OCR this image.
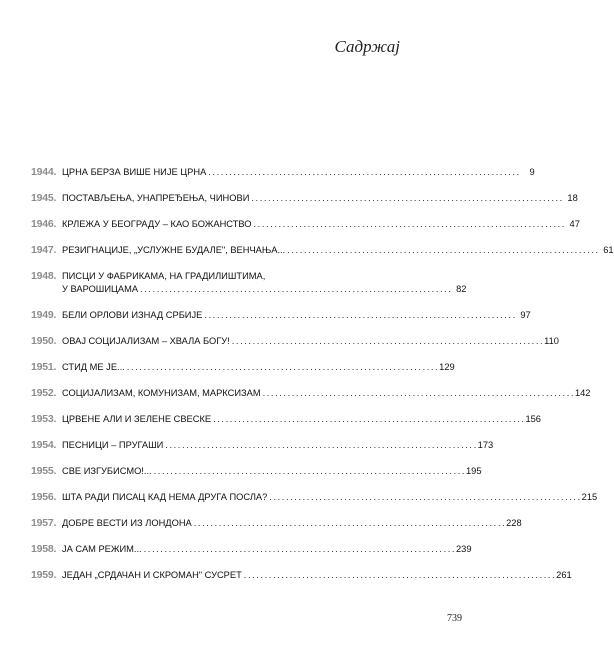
Садржај
1944. ЦРНА БЕРЗА ВИШЕ НИЈЕ ЦРНА . . .	9
1945. ПОСТАВЉЕЊА, УНАПРЕЂЕЊА, ЧИНОВИ . . .	18
1946. КРЛЕЖА У БЕОГРАДУ – КАО БОЖАНСТВО . . .	47
1947. РЕЗИГНАЦИЈЕ, „УСЛУЖНЕ БУДАЛЕ", ВЕНЧАЊА... . . .	61
1948. ПИСЦИ У ФАБРИКАМА, НА ГРАДИЛИШТИМА,
У ВАРОШИЦАМА . . .	82
1949. БЕЛИ ОРЛОВИ ИЗНАД СРБИЈЕ . . .	97
1950. ОВАЈ СОЦИЈАЛИЗАМ – ХВАЛА БОГУ! . . .	110
1951. СТИД МЕ ЈЕ... . . .	129
1952. СОЦИЈАЛИЗАМ, КОМУНИЗАМ, МАРКСИЗАМ . . .	142
1953. ЦРВЕНЕ АЛИ И ЗЕЛЕНЕ СВЕСКЕ . . .	156
1954. ПЕСНИЦИ – ПРУГАШИ . . .	173
1955. СВЕ ИЗГУБИСМО!... . . .	195
1956. ШТА РАДИ ПИСАЦ КАД НЕМА ДРУГА ПОСЛА? . . .	215
1957. ДОБРЕ ВЕСТИ ИЗ ЛОНДОНА . . .	228
1958. ЈА САМ РЕЖИМ... . . .	239
1959. ЈЕДАН „СРДАЧАН И СКРОМАН" СУСРЕТ . . .	261
739
